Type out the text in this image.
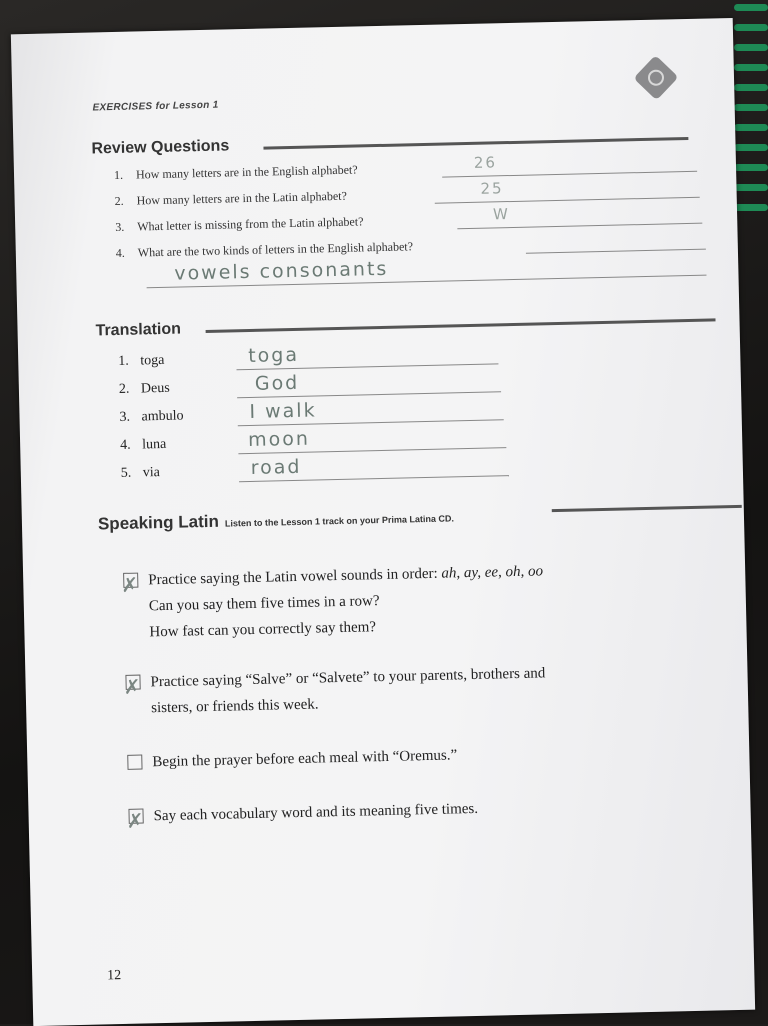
EXERCISES for Lesson 1
Review Questions
1. How many letters are in the English alphabet?	26
2. How many letters are in the Latin alphabet?
25
3. What letter is missing from the Latin alphabet?
W
4. What are the two kinds of letters in the English alphabet?
vowels consonants
Translation
1. toga	toga
2. Deus	God
3. ambulo	I walk
4. luna	moon
5. via	road
Speaking Latin Listen to the Lesson 1 track on your Prima Latina CD.
✗ Practice saying the Latin vowel sounds in order: ah, ay, ee, oh, oo
Can you say them five times in a row?
How fast can you correctly say them?
✗ Practice saying “Salve” or “Salvete” to your parents, brothers and
sisters, or friends this week.
Begin the prayer before each meal with “Oremus.”
✗ Say each vocabulary word and its meaning five times.
12
